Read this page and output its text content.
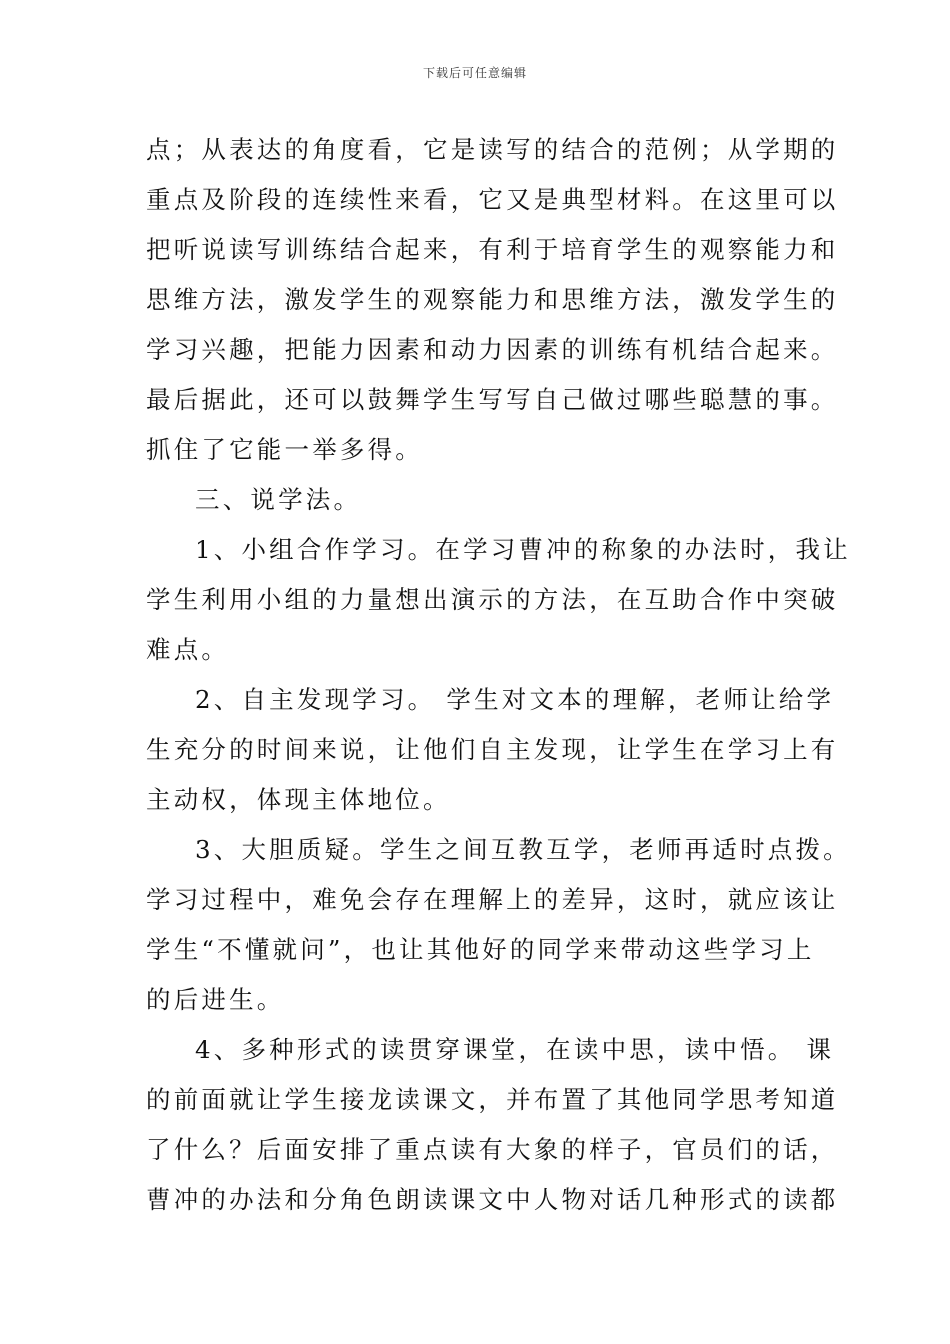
下载后可任意编辑
点；从表达的角度看，它是读写的结合的范例；从学期的
重点及阶段的连续性来看，它又是典型材料。在这里可以
把听说读写训练结合起来，有利于培育学生的观察能力和
思维方法，激发学生的观察能力和思维方法，激发学生的
学习兴趣，把能力因素和动力因素的训练有机结合起来。
最后据此，还可以鼓舞学生写写自己做过哪些聪慧的事。
抓住了它能一举多得。
三、说学法。
1、小组合作学习。在学习曹冲的称象的办法时，我让
学生利用小组的力量想出演示的方法，在互助合作中突破
难点。
2、自主发现学习。 学生对文本的理解，老师让给学
生充分的时间来说，让他们自主发现，让学生在学习上有
主动权，体现主体地位。
3、大胆质疑。学生之间互教互学，老师再适时点拨。
学习过程中，难免会存在理解上的差异，这时，就应该让
学生“不懂就问”，也让其他好的同学来带动这些学习上
的后进生。
4、多种形式的读贯穿课堂，在读中思，读中悟。 课
的前面就让学生接龙读课文，并布置了其他同学思考知道
了什么？后面安排了重点读有大象的样子，官员们的话，
曹冲的办法和分角色朗读课文中人物对话几种形式的读都
